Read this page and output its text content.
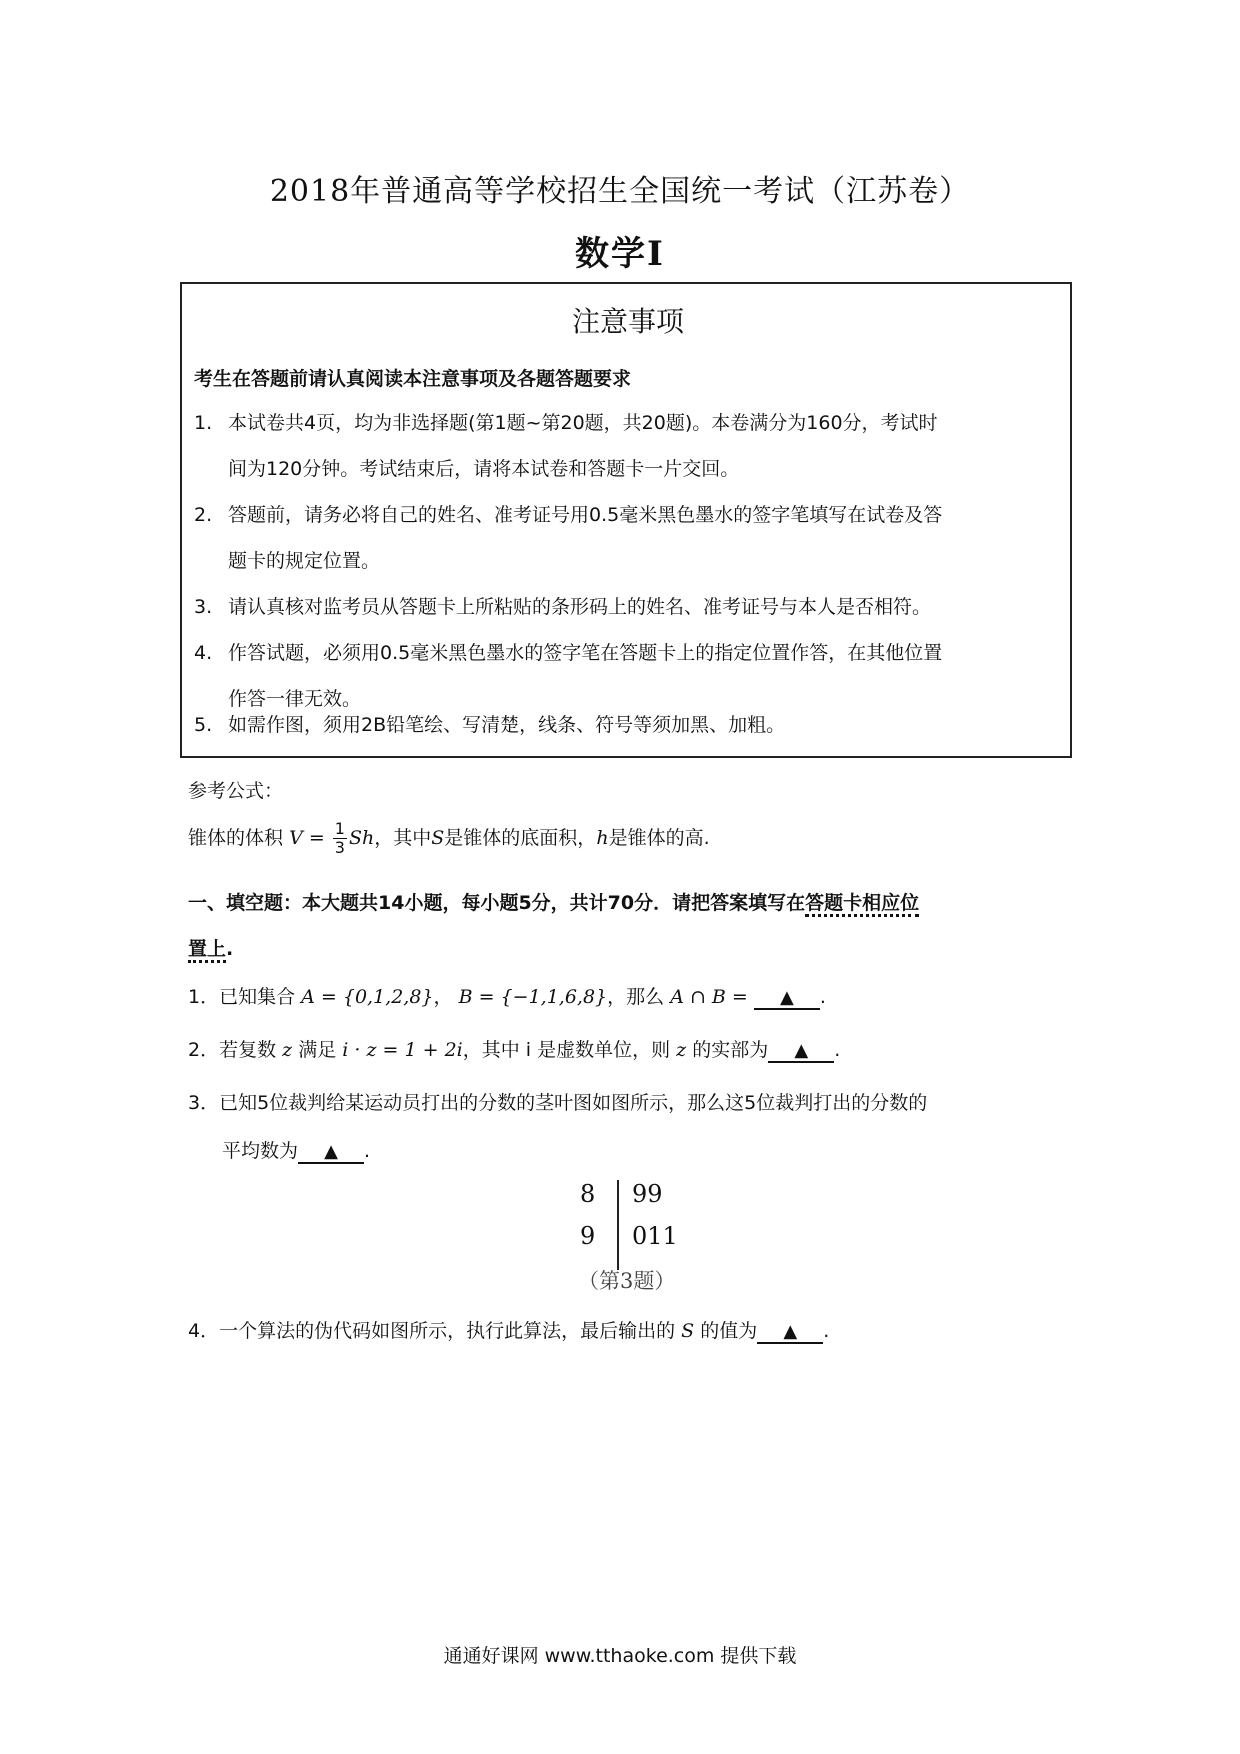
2018年普通高等学校招生全国统一考试（江苏卷）
数学Ⅰ
注意事项
考生在答题前请认真阅读本注意事项及各题答题要求
1. 本试卷共4页，均为非选择题(第1题~第20题，共20题)。本卷满分为160分，考试时
间为120分钟。考试结束后，请将本试卷和答题卡一片交回。
2. 答题前，请务必将自己的姓名、准考证号用0.5毫米黑色墨水的签字笔填写在试卷及答
题卡的规定位置。
3. 请认真核对监考员从答题卡上所粘贴的条形码上的姓名、准考证号与本人是否相符。
4. 作答试题，必须用0.5毫米黑色墨水的签字笔在答题卡上的指定位置作答，在其他位置
作答一律无效。
5. 如需作图，须用2B铅笔绘、写清楚，线条、符号等须加黑、加粗。
参考公式：
锥体的体积 $V = \frac{1}{3}$ Sh，其中S是锥体的底面积，h是锥体的高.
一、填空题：本大题共14小题，每小题5分，共计70分．请把答案填写在答题卡相应位
置上.
1．已知集合 A = {0,1,2,8}， B = {−1,1,6,8}，那么 A ∩ B = ▲ .
2．若复数 z 满足 i · z = 1 + 2i，其中 i 是虚数单位，则 z 的实部为 ▲ .
3．已知5位裁判给某运动员打出的分数的茎叶图如图所示，那么这5位裁判打出的分数的
平均数为 ▲ .
8 99
9 011
（第3题）
4．一个算法的伪代码如图所示，执行此算法，最后输出的 S 的值为 ▲ .
通通好课网 www.tthaoke.com 提供下载
